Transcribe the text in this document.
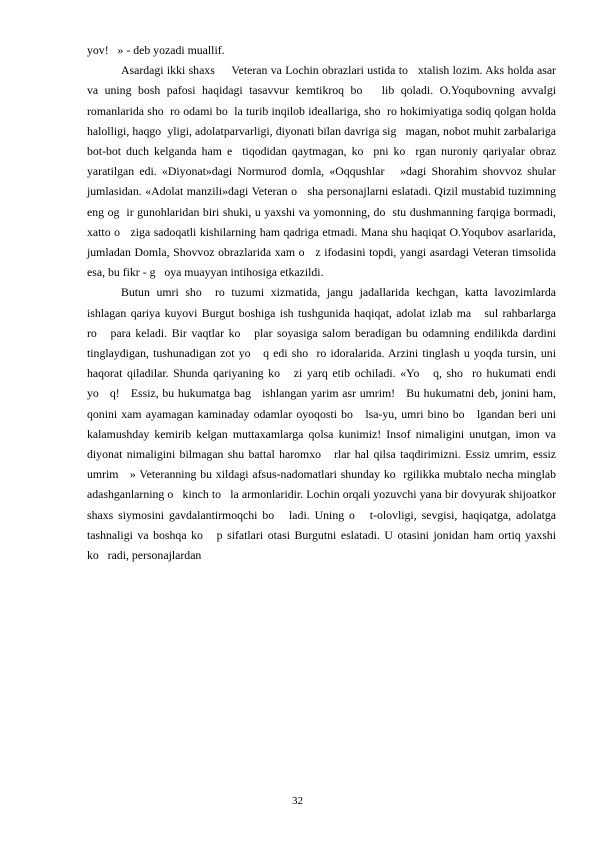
yov!   » - deb yozadi muallif.

Asardagi ikki shaxs     Veteran va Lochin obrazlari ustida to   xtalish lozim. Aks holda asar va uning bosh pafosi haqidagi tasavvur kemtikroq bo   lib qoladi. O.Yoqubovning avvalgi romanlarida sho  ro odami bo  la turib inqilob ideallariga, sho  ro hokimiyatiga sodiq qolgan holda halolligi, haqgo  yligi, adolatparvarligi, diyonati bilan davriga sig   magan, nobot muhit zarbalariga bot-bot duch kelganda ham e  tiqodidan qaytmagan, ko  pni ko  rgan nuroniy qariyalar obraz yaratilgan edi. «Diyonat»dagi Normurod domla, «Oqqushlar   »dagi Shorahim shovvoz shular jumlasidan. «Adolat manzili»dagi Veteran o   sha personajlarni eslatadi. Qizil mustabid tuzimning eng og  ir gunohlaridan biri shuki, u yaxshi va yomonning, do  stu dushmanning farqiga bormadi, xatto o   ziga sadoqatli kishilarning ham qadriga etmadi. Mana shu haqiqat O.Yoqubov asarlarida, jumladan Domla, Shovvoz obrazlarida xam o   z ifodasini topdi, yangi asardagi Veteran timsolida esa, bu fikr - g   oya muayyan intihosiga etkazildi.

Butun umri sho  ro tuzumi xizmatida, jangu jadallarida kechgan, katta lavozimlarda ishlagan qariya kuyovi Burgut boshiga ish tushgunida haqiqat, adolat izlab ma   sul rahbarlarga ro   para keladi. Bir vaqtlar ko   plar soyasiga salom beradigan bu odamning endilikda dardini tinglaydigan, tushunadigan zot yo   q edi sho  ro idoralarida. Arzini tinglash u yoqda tursin, uni haqorat qiladilar. Shunda qariyaning ko   zi yarq etib ochiladi. «Yo   q, sho  ro hukumati endi yo   q!   Essiz, bu hukumatga bag   ishlangan yarim asr umrim!   Bu hukumatni deb, jonini ham, qonini xam ayamagan kaminaday odamlar oyoqosti bo   lsa-yu, umri bino bo   lgandan beri uni kalamushday kemirib kelgan muttaxamlarga qolsa kunimiz! Insof nimaligini unutgan, imon va diyonat nimaligini bilmagan shu battal haromxo   rlar hal qilsa taqdirimizni. Essiz umrim, essiz umrim   » Veteranning bu xildagi afsus-nadomatlari shunday ko  rgilikka mubtalo necha minglab adashganlarning o   kinch to   la armonlaridir. Lochin orqali yozuvchi yana bir dovyurak shijoatkor shaxs siymosini gavdalantirmoqchi bo   ladi. Uning o   t-olovligi, sevgisi, haqiqatga, adolatga tashnaligi va boshqa ko   p sifatlari otasi Burgutni eslatadi. U otasini jonidan ham ortiq yaxshi ko   radi, personajlardan

32
